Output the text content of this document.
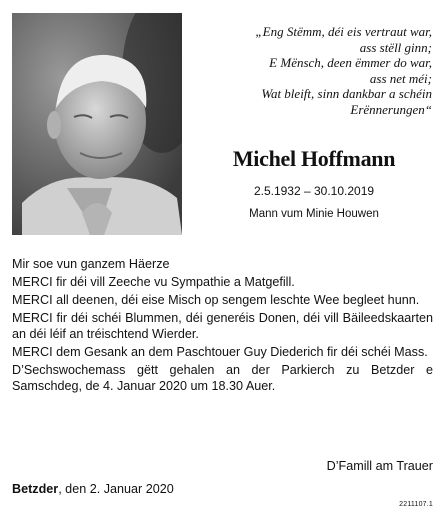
„Eng Stëmm, déi eis vertraut war,
ass stëll ginn;
E Mënsch, deen ëmmer do war,
ass net méi;
Wat bleift, sinn dankbar a schéin
Erënnerungen“
Michel Hoffmann
2.5.1932 – 30.10.2019
Mann vum Minie Houwen

Mir soe vun ganzem Häerze

MERCI fir déi vill Zeeche vu Sympathie a Matgefill.

MERCI all deenen, déi eise Misch op sengem leschte Wee begleet hunn.

MERCI fir déi schéi Blummen, déi generéis Donen, déi vill Bäileedskaarten an déi léif an tréischtend Wierder.

MERCI dem Gesank an dem Paschtouer Guy Diederich fir déi schéi Mass.

D’Sechswochemass gëtt gehalen an der Parkierch zu Betzder e Samschdeg, de 4. Januar 2020 um 18.30 Auer.

D’Famill am Trauer
Betzder, den 2. Januar 2020
2211107.1
